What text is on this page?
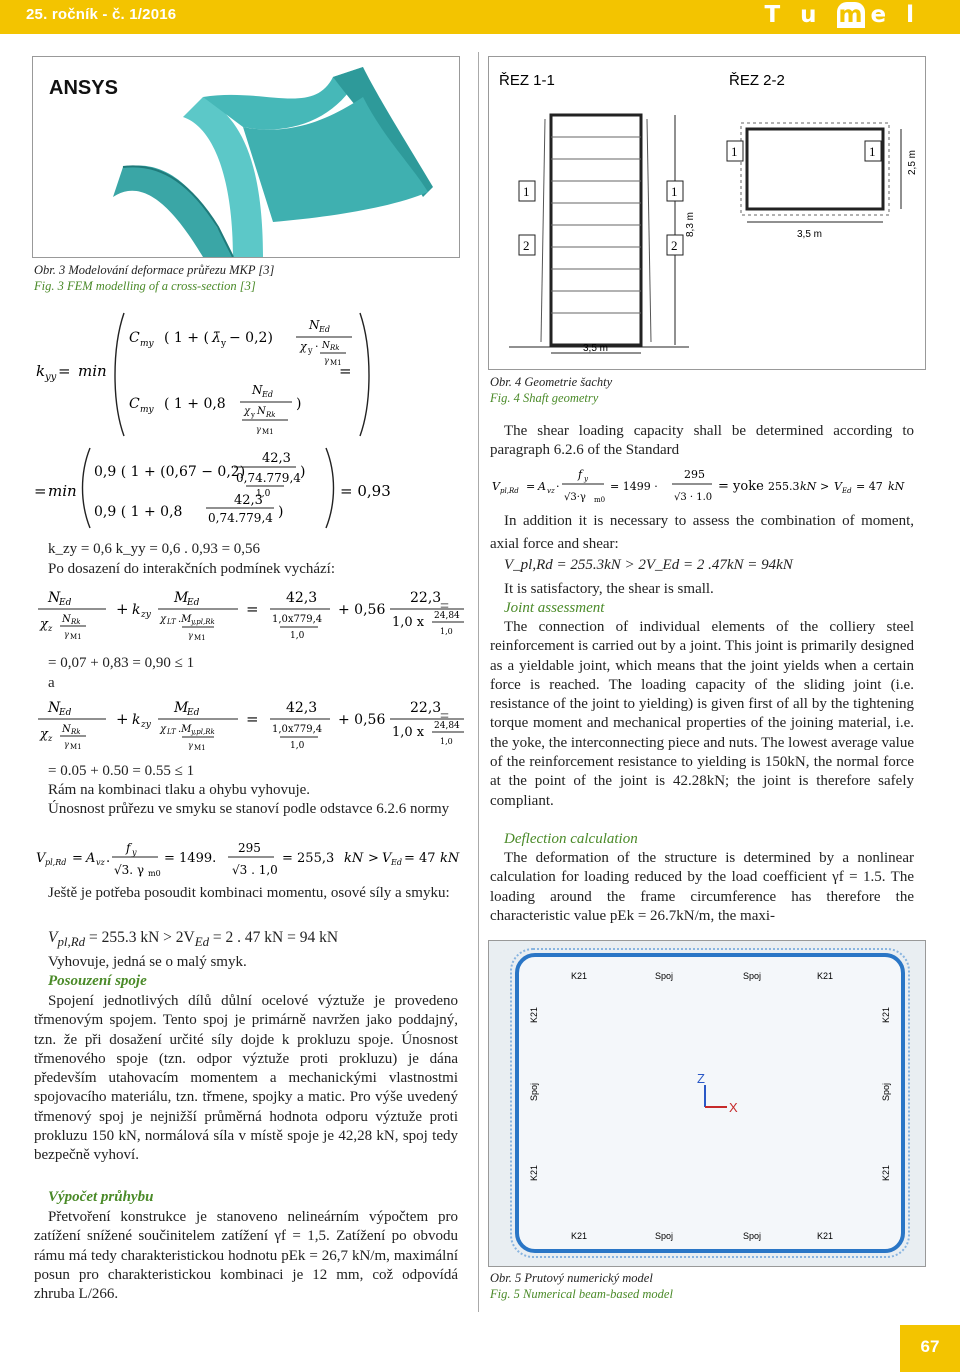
25. ročník - č. 1/2016	T u m e l
ANSYS
Obr. 3 Modelování deformace průřezu MKP [3]
Fig. 3 FEM modelling of a cross-section [3]
k yy = min
C my ( 1 + ( λ̄ y − 0,2)
N Ed
χ y · N Rk
γ M1
C my ( 1 + 0,8
N Ed
χ y N Rk
γ M1
)
=
= min
0,9 ( 1 + (0,67 − 0,2)
42,3
0,74.779,4
1,0
)
0,9 ( 1 + 0,8
42,3
0,74.779,4 )
= 0,93
k_zy = 0,6 k_yy = 0,6 . 0,93 = 0,56
Po dosazení do interakčních podmínek vychází:
N
Ed
χ z
N Rk
γ M1
+ k zy
M
Ed
χ LT .M y,pl,Rk
γ M1
=
42,3
1,0x779,4
1,0
+ 0,56
22,3
1,0 x 24,84
1,0
=
= 0,07 + 0,83 = 0,90 ≤ 1
a
N
Ed
χ z
N Rk
γ M1
+ k zy
M
Ed
χ LT .M y,pl,Rk
γ M1
=
42,3
1,0x779,4
1,0
+ 0,56
22,3
1,0 x 24,84
1,0
=
= 0.05 + 0.50 = 0.55 ≤ 1
Rám na kombinaci tlaku a ohybu vyhovuje.
Únosnost průřezu ve smyku se stanoví podle odstavce 6.2.6 normy
V pl,Rd = A vz .
f y
√3. γ m0
= 1499.
295
√3 . 1,0
= 255,3 kN > V Ed = 47 kN
Ještě je potřeba posoudit kombinaci momentu, osové síly a smyku:
$V_{pl,Rd} = 255.3$ kN > $2V_{Ed} = 2$ . 47 kN = 94 kN
Vyhovuje, jedná se o malý smyk.
Posouzení spoje

Spojení jednotlivých dílů důlní ocelové výztuže je provedeno třmenovým spojem. Tento spoj je primárně navržen jako poddajný, tzn. že při dosažení určité síly dojde k prokluzu spoje. Únosnost třmenového spoje (tzn. odpor výztuže proti prokluzu) je dána především utahovacím momentem a mechanickými vlastnostmi spojovacího materiálu, tzn. třmene, spojky a matic. Pro výše uvedený třmenový spoj je nejnižší průměrná hodnota odporu výztuže proti prokluzu 150 kN, normálová síla v místě spoje je 42,28 kN, spoj tedy bezpečně vyhoví.

Výpočet průhybu

Přetvoření konstrukce je stanoveno nelineárním výpočtem pro zatížení snížené součinitelem zatížení γf = 1,5. Zatížení po obvodu rámu má tedy charakteristickou hodnotu pEk = 26,7 kN/m, maximální posun pro charakteristickou kombinaci je 12 mm, což odpovídá zhruba L/266.

ŘEZ 1-1	ŘEZ 2-2
3,5 m
8,3 m
1
2
3,5 m
2,5 m
1	1
1
2
Obr. 4 Geometrie šachty
Fig. 4 Shaft geometry

The shear loading capacity shall be determined according to paragraph 6.2.6 of the Standard

V pl,Rd = A vz ·
f y
√3·γ m0
= 1499 ·
295
√3 · 1.0
= yoke 255.3 kN > V Ed = 47 kN

In addition it is necessary to assess the combination of moment, axial force and shear:

V_pl,Rd = 255.3kN > 2V_Ed = 2 .47kN = 94kN
It is satisfactory, the shear is small.
Joint assessment

The connection of individual elements of the colliery steel reinforcement is carried out by a joint. This joint is primarily designed as a yieldable joint, which means that the joint yields when a certain force is reached. The loading capacity of the sliding joint (i.e. resistance of the joint to yielding) is given first of all by the tightening torque moment and mechanical properties of the joining material, i.e. the yoke, the interconnecting piece and nuts. The lowest average value of the reinforcement resistance to yielding is 150kN, the normal force at the point of the joint is 42.28kN; the joint is therefore safely compliant.

Deflection calculation

The deformation of the structure is determined by a nonlinear calculation for loading reduced by the load coefficient γf = 1.5. The loading around the frame circumference has therefore the characteristic value pEk = 26.7kN/m, the maxi-

K21	Spoj	Spoj	K21
K21	Spoj	Spoj	K21
K21
Spoj
K21
K21
Spoj
K21
Z
X
Obr. 5 Prutový numerický model
Fig. 5 Numerical beam-based model
67
